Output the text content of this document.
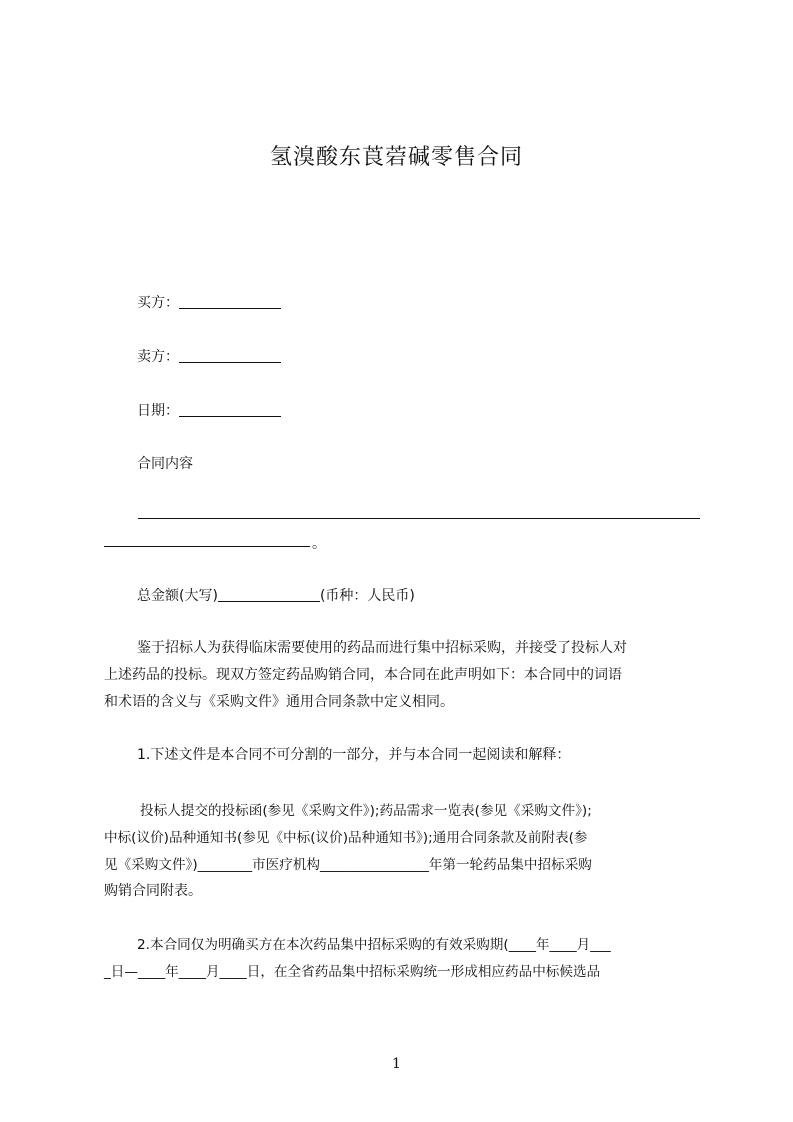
氢溴酸东莨菪碱零售合同
买方：
卖方：
日期：
合同内容
。
总金额(大写)	(币种：人民币)
鉴于招标人为获得临床需要使用的药品而进行集中招标采购，并接受了投标人对
上述药品的投标。现双方签定药品购销合同，本合同在此声明如下：本合同中的词语
和术语的含义与《采购文件》通用合同条款中定义相同。
1.下述文件是本合同不可分割的一部分，并与本合同一起阅读和解释：
投标人提交的投标函(参见《采购文件》);药品需求一览表(参见《采购文件》);
中标(议价)品种通知书(参见《中标(议价)品种通知书》);通用合同条款及前附表(参
见《采购文件》)________市医疗机构________________年第一轮药品集中招标采购
购销合同附表。
2.本合同仅为明确买方在本次药品集中招标采购的有效采购期(____年____月___
_日—____年____月____日，在全省药品集中招标采购统一形成相应药品中标候选品
1
